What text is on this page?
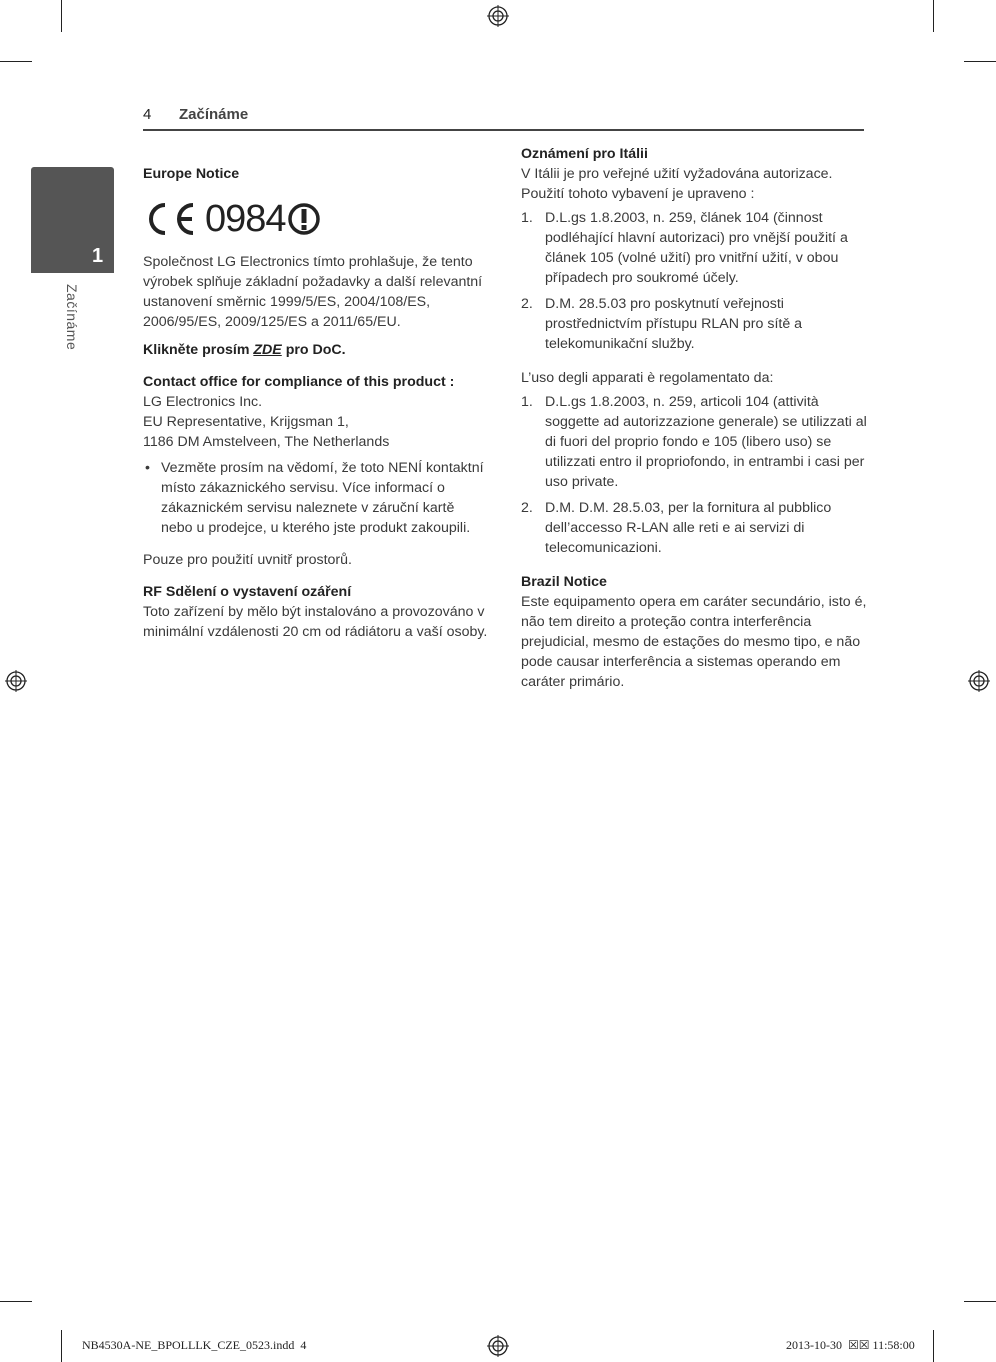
4 Začínáme
1
Začínáme

Europe Notice

0984

Společnost LG Electronics tímto prohlašuje, že tento výrobek splňuje základní požadavky a další relevantní ustanovení směrnic 1999/5/ES, 2004/108/ES, 2006/95/ES, 2009/125/ES a 2011/65/EU.

Klikněte prosím ZDE pro DoC.

Contact office for compliance of this product :

LG Electronics Inc.

EU Representative, Krijgsman 1,

1186 DM Amstelveen, The Netherlands

• Vezměte prosím na vědomí, že toto NENÍ kontaktní místo zákaznického servisu. Více informací o zákaznickém servisu naleznete v záruční kartě nebo u prodejce, u kterého jste produkt zakoupili.

Pouze pro použití uvnitř prostorů.

RF Sdělení o vystavení ozáření

Toto zařízení by mělo být instalováno a provozováno v minimální vzdálenosti 20 cm od rádiátoru a vaší osoby.

Oznámení pro Itálii

V Itálii je pro veřejné užití vyžadována autorizace. Použití tohoto vybavení je upraveno :

1. D.L.gs 1.8.2003, n. 259, článek 104 (činnost podléhající hlavní autorizaci) pro vnější použití a článek 105 (volné užití) pro vnitřní užití, v obou případech pro soukromé účely.
2. D.M. 28.5.03 pro poskytnutí veřejnosti prostřednictvím přístupu RLAN pro sítě a telekomunikační služby.

L’uso degli apparati è regolamentato da:

1. D.L.gs 1.8.2003, n. 259, articoli 104 (attività soggette ad autorizzazione generale) se utilizzati al di fuori del proprio fondo e 105 (libero uso) se utilizzati entro il propriofondo, in entrambi i casi per uso private.
2. D.M. D.M. 28.5.03, per la fornitura al pubblico dell’accesso R-LAN alle reti e ai servizi di telecomunicazioni.

Brazil Notice

Este equipamento opera em caráter secundário, isto é, não tem direito a proteção contra interferência prejudicial, mesmo de estações do mesmo tipo, e não pode causar interferência a sistemas operando em caráter primário.

NB4530A-NE_BPOLLLK_CZE_0523.indd 4	2013-10-30 ☒☒ 11:58:00
